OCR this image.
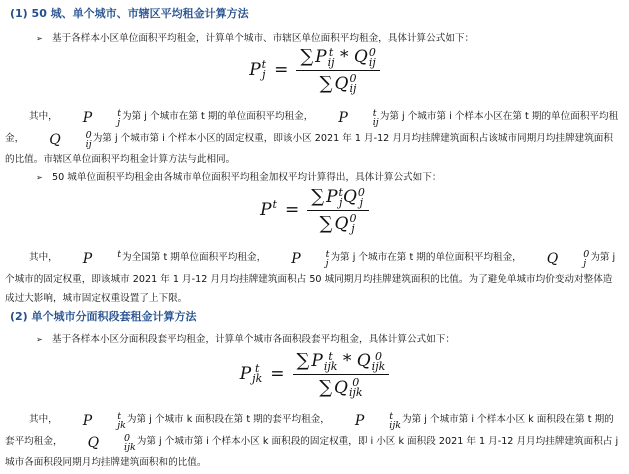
(1) 50 城、单个城市、市辖区平均租金计算方法
➢ 基于各样本小区单位面积平均租金，计算单个城市、市辖区单位面积平均租金，具体计算公式如下：
P t
j = ∑ P t
ij * Q 0
ij
∑ Q 0
ij
其中， P	t
j
为第 j 个城市在第 t 期的单位面积平均租金， P	t
ij
为第 j 个城市第 i 个样本小区在第 t 期的单位面积平均租金， Q	0
ij
为第 j 个城市第 i 个样本小区的固定权重，即该小区 2021 年 1 月-12 月月均挂牌建筑面积占该城市同期月均挂牌建筑面积的比值。市辖区单位面积平均租金计算方法与此相同。
➢ 50 城单位面积平均租金由各城市单位面积平均租金加权平均计算得出，具体计算公式如下：
P t
= ∑ P t
j Q 0
j
∑ Q 0
j
其中， P	t
为全国第 t 期单位面积平均租金， P	t
j
为第 j 个城市在第 t 期的单位面积平均租金， Q	0
j
为第 j 个城市的固定权重，即该城市 2021 年 1 月-12 月月均挂牌建筑面积占 50 城同期月均挂牌建筑面积的比值。为了避免单城市均价变动对整体造成过大影响，城市固定权重设置了上下限。
(2) 单个城市分面积段套租金计算方法
➢ 基于各样本小区分面积段套平均租金，计算单个城市各面积段套平均租金，具体计算公式如下：
P t
jk = ∑ P t
ijk * Q 0
ijk
∑ Q 0
ijk
其中， P	t
jk
为第 j 个城市 k 面积段在第 t 期的套平均租金， P	t
ijk
为第 j 个城市第 i 个样本小区 k 面积段在第 t 期的套平均租金， Q	0
ijk
为第 j 个城市第 i 个样本小区 k 面积段的固定权重，即 i 小区 k 面积段 2021 年 1 月-12 月月均挂牌建筑面积占 j 城市各面积段同期月均挂牌建筑面积和的比值。
